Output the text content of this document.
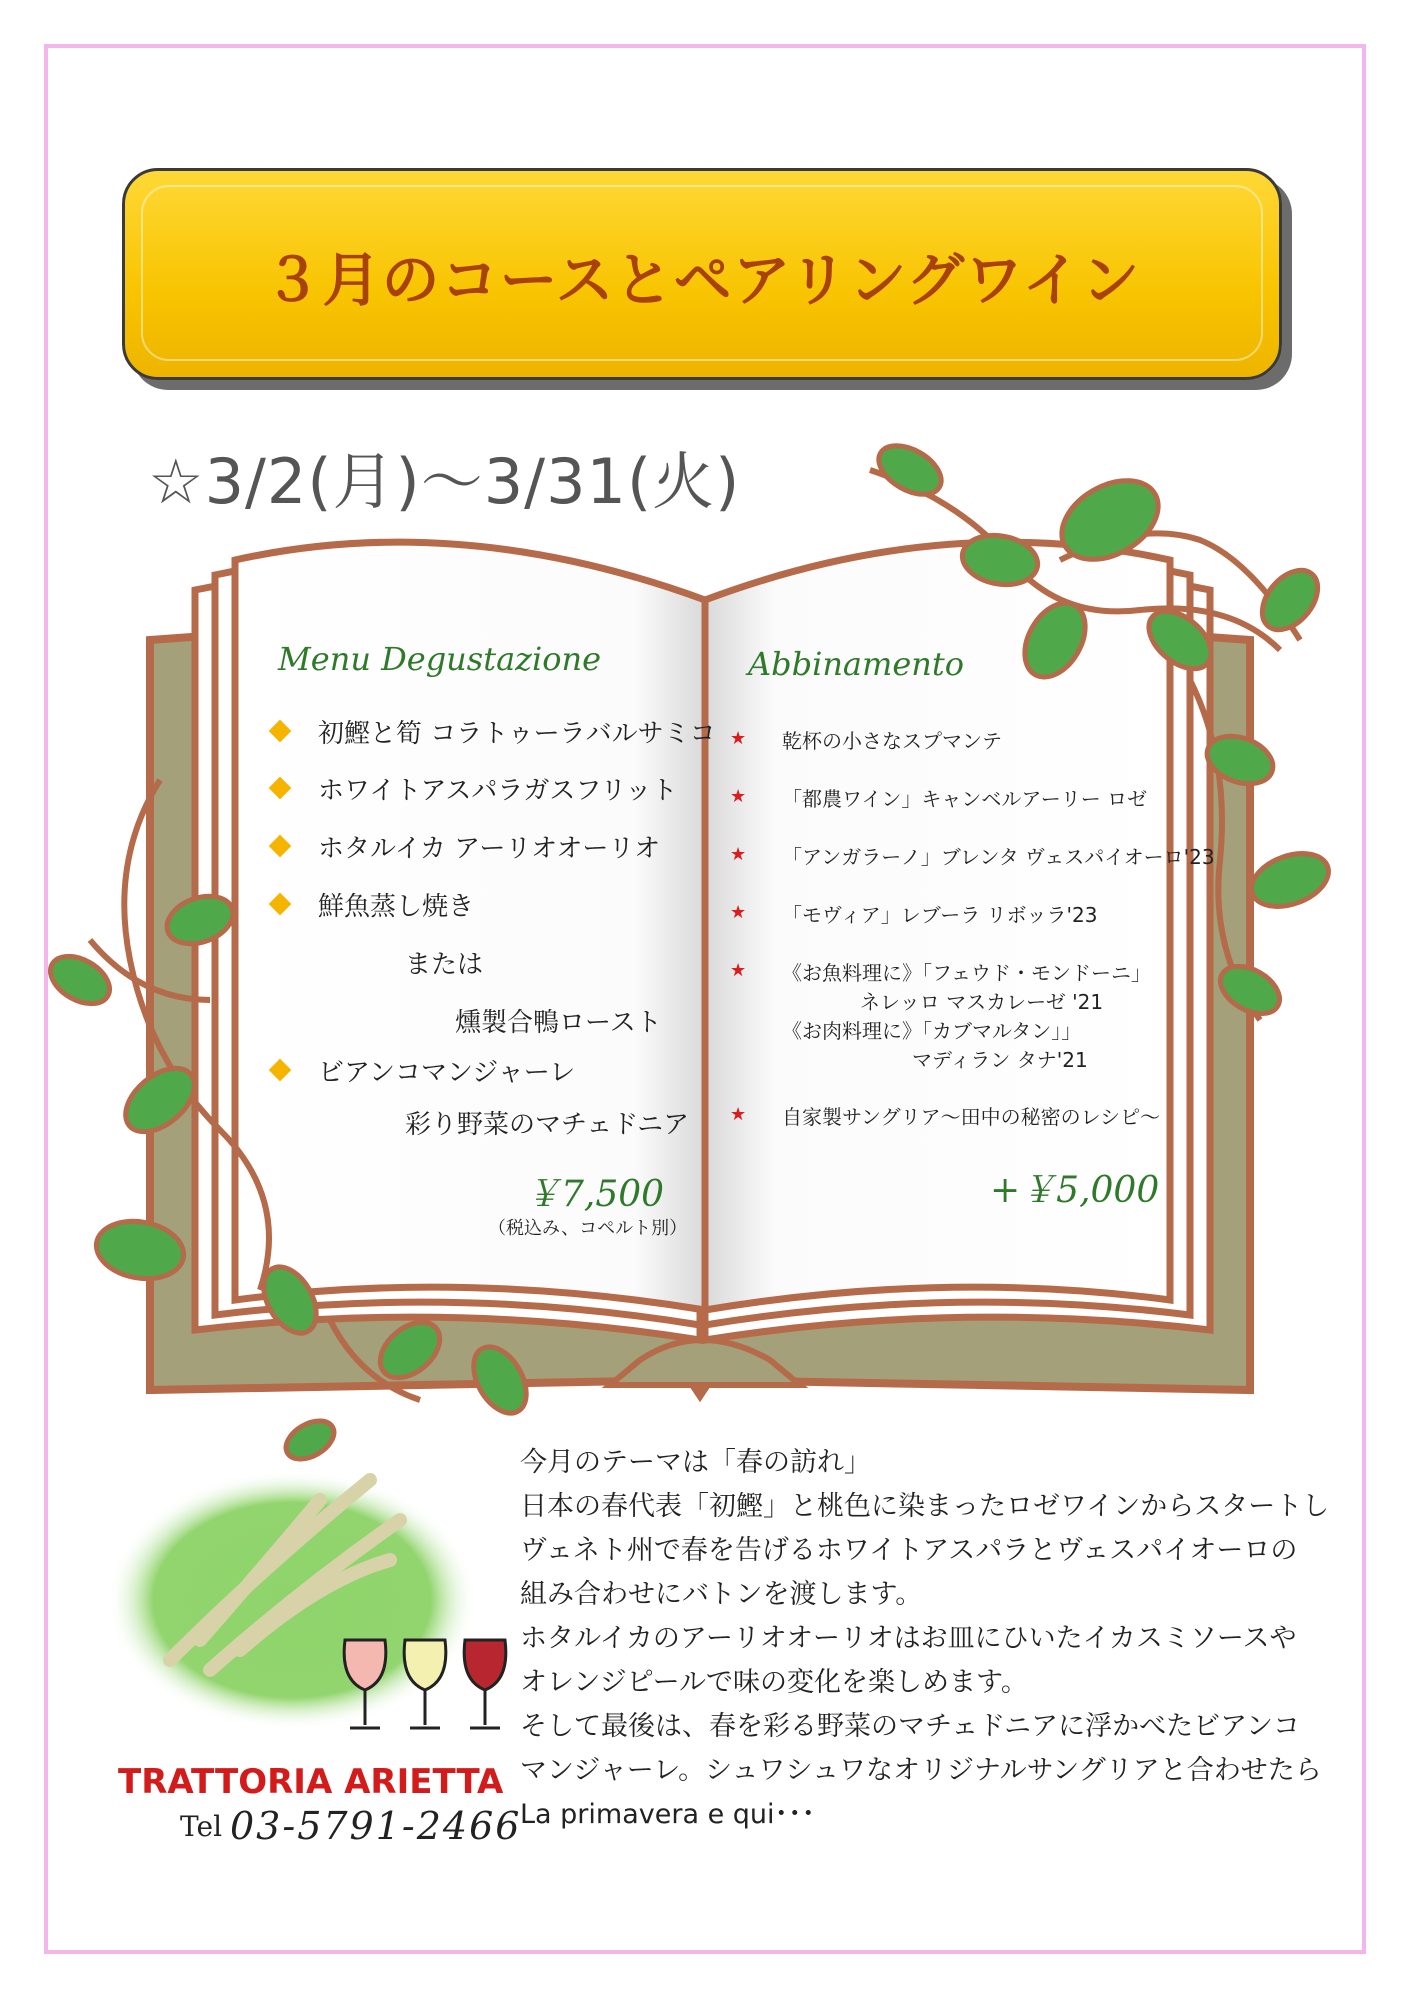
３月のコースとペアリングワイン
☆3/2(月)～3/31(火)
Menu Degustazione
初鰹と筍 コラトゥーラバルサミコ
ホワイトアスパラガスフリット
ホタルイカ アーリオオーリオ
鮮魚蒸し焼き
または
燻製合鴨ロースト
ビアンコマンジャーレ
彩り野菜のマチェドニア
￥7,500
（税込み、コペルト別）
Abbinamento
★ 乾杯の小さなスプマンテ
★ 「都農ワイン」キャンベルアーリー ロゼ
★ 「アンガラーノ」ブレンタ ヴェスパイオーロ'23
★ 「モヴィア」レブーラ リボッラ'23
★ 《お魚料理に》「フェウド・モンドーニ」
ネレッロ マスカレーゼ '21
《お肉料理に》「カブマルタン」」
マディラン タナ'21
★ 自家製サングリア～田中の秘密のレシピ～
+￥5,000
今月のテーマは「春の訪れ」
日本の春代表「初鰹」と桃色に染まったロゼワインからスタートし
ヴェネト州で春を告げるホワイトアスパラとヴェスパイオーロの
組み合わせにバトンを渡します。
ホタルイカのアーリオオーリオはお皿にひいたイカスミソースや
オレンジピールで味の変化を楽しめます。
そして最後は、春を彩る野菜のマチェドニアに浮かべたビアンコ
マンジャーレ。シュワシュワなオリジナルサングリアと合わせたら
La primavera e qui･･･
TRATTORIA ARIETTA
Tel 03-5791-2466
